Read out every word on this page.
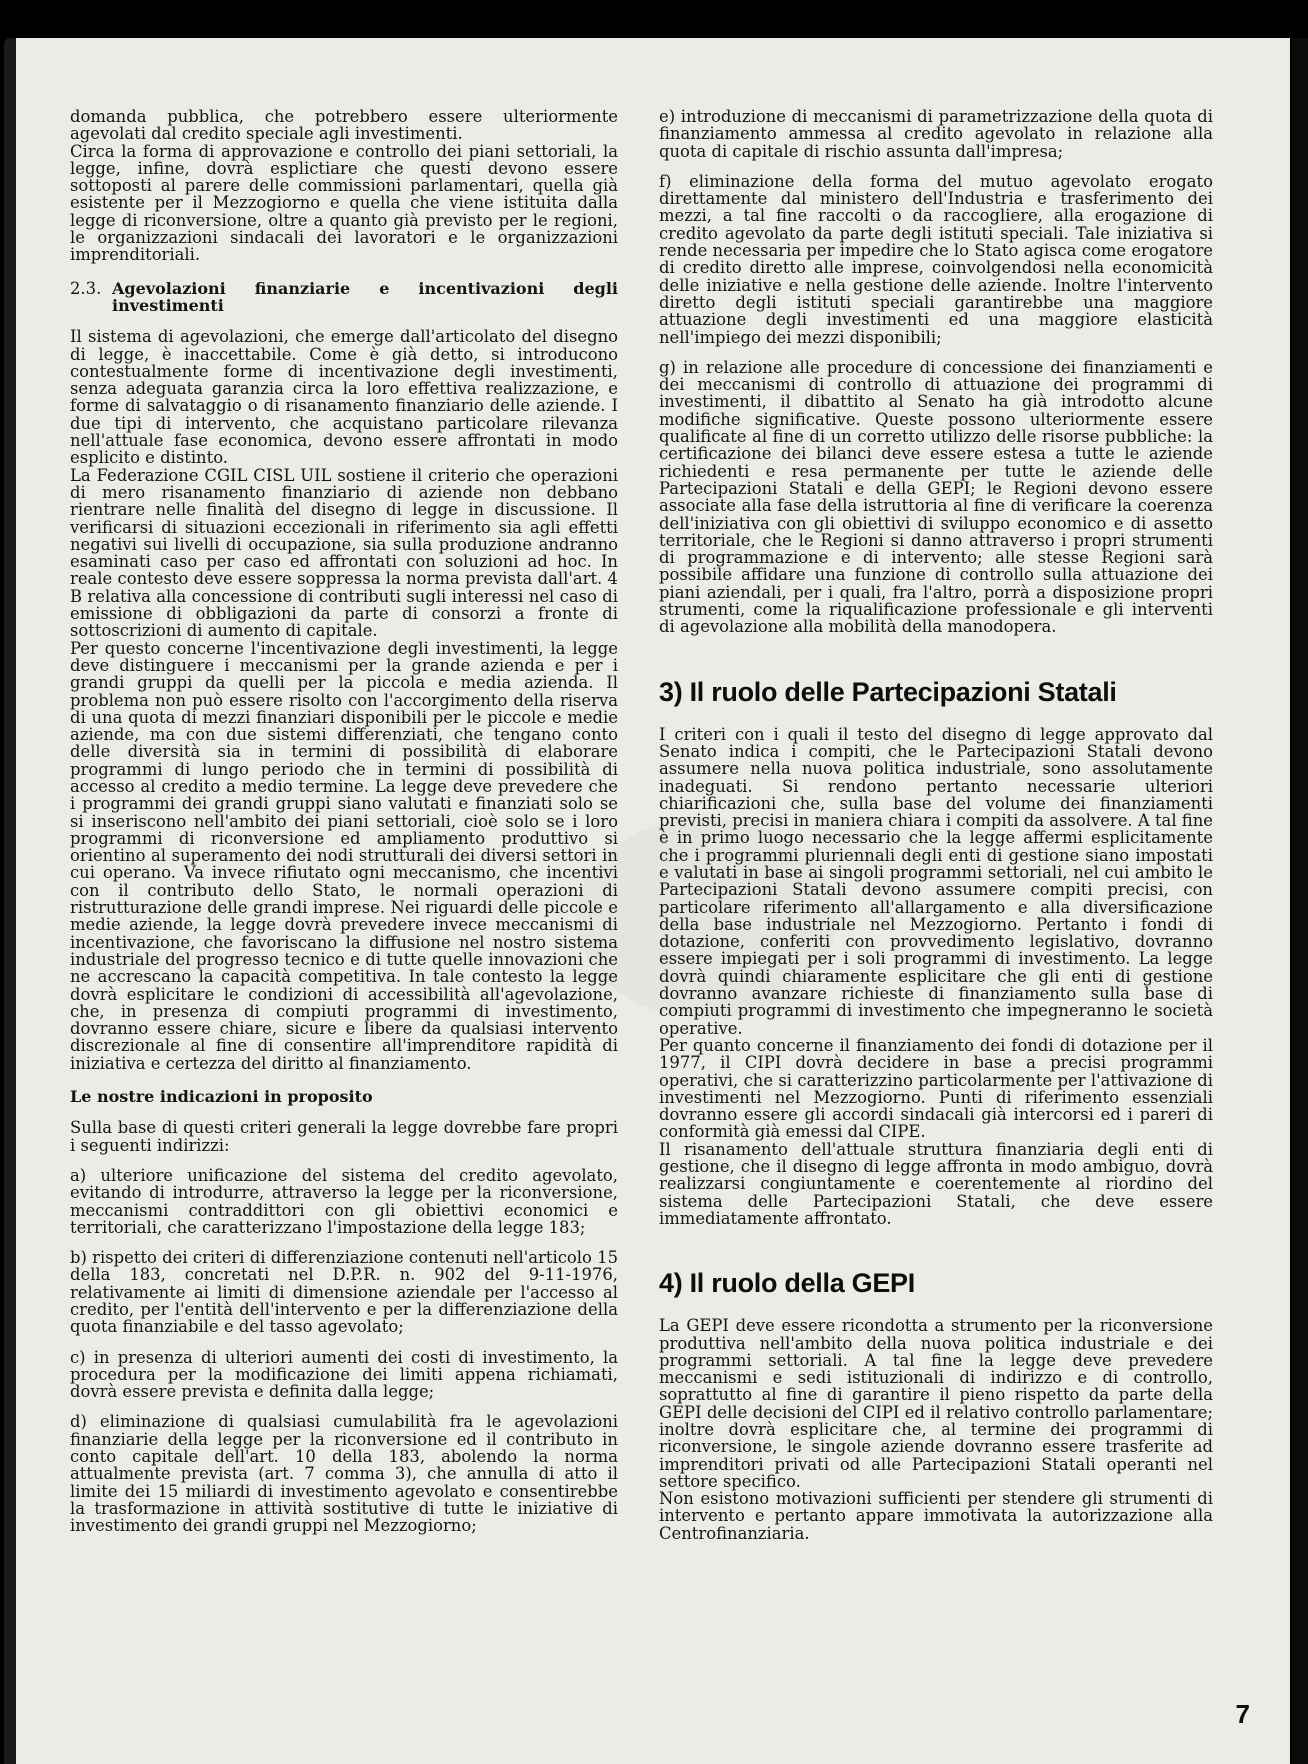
domanda pubblica, che potrebbero essere ulteriormente agevolati dal credito speciale agli investimenti.

Circa la forma di approvazione e controllo dei piani settoriali, la legge, infine, dovrà esplictiare che questi devono essere sottoposti al parere delle commissioni parlamentari, quella già esistente per il Mezzogiorno e quella che viene istituita dalla legge di riconversione, oltre a quanto già previsto per le regioni, le organizzazioni sindacali dei lavoratori e le organizzazioni imprenditoriali.

2.3. Agevolazioni finanziarie e incentivazioni degli investimenti

Il sistema di agevolazioni, che emerge dall'articolato del disegno di legge, è inaccettabile. Come è già detto, si introducono contestualmente forme di incentivazione degli investimenti, senza adeguata garanzia circa la loro effettiva realizzazione, e forme di salvataggio o di risanamento finanziario delle aziende. I due tipi di intervento, che acquistano particolare rilevanza nell'attuale fase economica, devono essere affrontati in modo esplicito e distinto.

La Federazione CGIL CISL UIL sostiene il criterio che operazioni di mero risanamento finanziario di aziende non debbano rientrare nelle finalità del disegno di legge in discussione. Il verificarsi di situazioni eccezionali in riferimento sia agli effetti negativi sui livelli di occupazione, sia sulla produzione andranno esaminati caso per caso ed affrontati con soluzioni ad hoc. In reale contesto deve essere soppressa la norma prevista dall'art. 4 B relativa alla concessione di contributi sugli interessi nel caso di emissione di obbligazioni da parte di consorzi a fronte di sottoscrizioni di aumento di capitale.

Per questo concerne l'incentivazione degli investimenti, la legge deve distinguere i meccanismi per la grande azienda e per i grandi gruppi da quelli per la piccola e media azienda. Il problema non può essere risolto con l'accorgimento della riserva di una quota di mezzi finanziari disponibili per le piccole e medie aziende, ma con due sistemi differenziati, che tengano conto delle diversità sia in termini di possibilità di elaborare programmi di lungo periodo che in termini di possibilità di accesso al credito a medio termine. La legge deve prevedere che i programmi dei grandi gruppi siano valutati e finanziati solo se si inseriscono nell'ambito dei piani settoriali, cioè solo se i loro programmi di riconversione ed ampliamento produttivo si orientino al superamento dei nodi strutturali dei diversi settori in cui operano. Va invece rifiutato ogni meccanismo, che incentivi con il contributo dello Stato, le normali operazioni di ristrutturazione delle grandi imprese. Nei riguardi delle piccole e medie aziende, la legge dovrà prevedere invece meccanismi di incentivazione, che favoriscano la diffusione nel nostro sistema industriale del progresso tecnico e di tutte quelle innovazioni che ne accrescano la capacità competitiva. In tale contesto la legge dovrà esplicitare le condizioni di accessibilità all'agevolazione, che, in presenza di compiuti programmi di investimento, dovranno essere chiare, sicure e libere da qualsiasi intervento discrezionale al fine di consentire all'imprenditore rapidità di iniziativa e certezza del diritto al finanziamento.

Le nostre indicazioni in proposito

Sulla base di questi criteri generali la legge dovrebbe fare propri i seguenti indirizzi:

a) ulteriore unificazione del sistema del credito agevolato, evitando di introdurre, attraverso la legge per la riconversione, meccanismi contraddittori con gli obiettivi economici e territoriali, che caratterizzano l'impostazione della legge 183;

b) rispetto dei criteri di differenziazione contenuti nell'articolo 15 della 183, concretati nel D.P.R. n. 902 del 9-11-1976, relativamente ai limiti di dimensione aziendale per l'accesso al credito, per l'entità dell'intervento e per la differenziazione della quota finanziabile e del tasso agevolato;

c) in presenza di ulteriori aumenti dei costi di investimento, la procedura per la modificazione dei limiti appena richiamati, dovrà essere prevista e definita dalla legge;

d) eliminazione di qualsiasi cumulabilità fra le agevolazioni finanziarie della legge per la riconversione ed il contributo in conto capitale dell'art. 10 della 183, abolendo la norma attualmente prevista (art. 7 comma 3), che annulla di atto il limite dei 15 miliardi di investimento agevolato e consentirebbe la trasformazione in attività sostitutive di tutte le iniziative di investimento dei grandi gruppi nel Mezzogiorno;

e) introduzione di meccanismi di parametrizzazione della quota di finanziamento ammessa al credito agevolato in relazione alla quota di capitale di rischio assunta dall'impresa;

f) eliminazione della forma del mutuo agevolato erogato direttamente dal ministero dell'Industria e trasferimento dei mezzi, a tal fine raccolti o da raccogliere, alla erogazione di credito agevolato da parte degli istituti speciali. Tale iniziativa si rende necessaria per impedire che lo Stato agisca come erogatore di credito diretto alle imprese, coinvolgendosi nella economicità delle iniziative e nella gestione delle aziende. Inoltre l'intervento diretto degli istituti speciali garantirebbe una maggiore attuazione degli investimenti ed una maggiore elasticità nell'impiego dei mezzi disponibili;

g) in relazione alle procedure di concessione dei finanziamenti e dei meccanismi di controllo di attuazione dei programmi di investimenti, il dibattito al Senato ha già introdotto alcune modifiche significative. Queste possono ulteriormente essere qualificate al fine di un corretto utilizzo delle risorse pubbliche: la certificazione dei bilanci deve essere estesa a tutte le aziende richiedenti e resa permanente per tutte le aziende delle Partecipazioni Statali e della GEPI; le Regioni devono essere associate alla fase della istruttoria al fine di verificare la coerenza dell'iniziativa con gli obiettivi di sviluppo economico e di assetto territoriale, che le Regioni si danno attraverso i propri strumenti di programmazione e di intervento; alle stesse Regioni sarà possibile affidare una funzione di controllo sulla attuazione dei piani aziendali, per i quali, fra l'altro, porrà a disposizione propri strumenti, come la riqualificazione professionale e gli interventi di agevolazione alla mobilità della manodopera.

3) Il ruolo delle Partecipazioni Statali

I criteri con i quali il testo del disegno di legge approvato dal Senato indica i compiti, che le Partecipazioni Statali devono assumere nella nuova politica industriale, sono assolutamente inadeguati. Si rendono pertanto necessarie ulteriori chiarificazioni che, sulla base del volume dei finanziamenti previsti, precisi in maniera chiara i compiti da assolvere. A tal fine è in primo luogo necessario che la legge affermi esplicitamente che i programmi pluriennali degli enti di gestione siano impostati e valutati in base ai singoli programmi settoriali, nel cui ambito le Partecipazioni Statali devono assumere compiti precisi, con particolare riferimento all'allargamento e alla diversificazione della base industriale nel Mezzogiorno. Pertanto i fondi di dotazione, conferiti con provvedimento legislativo, dovranno essere impiegati per i soli programmi di investimento. La legge dovrà quindi chiaramente esplicitare che gli enti di gestione dovranno avanzare richieste di finanziamento sulla base di compiuti programmi di investimento che impegneranno le società operative.

Per quanto concerne il finanziamento dei fondi di dotazione per il 1977, il CIPI dovrà decidere in base a precisi programmi operativi, che si caratterizzino particolarmente per l'attivazione di investimenti nel Mezzogiorno. Punti di riferimento essenziali dovranno essere gli accordi sindacali già intercorsi ed i pareri di conformità già emessi dal CIPE.

Il risanamento dell'attuale struttura finanziaria degli enti di gestione, che il disegno di legge affronta in modo ambiguo, dovrà realizzarsi congiuntamente e coerentemente al riordino del sistema delle Partecipazioni Statali, che deve essere immediatamente affrontato.

4) Il ruolo della GEPI

La GEPI deve essere ricondotta a strumento per la riconversione produttiva nell'ambito della nuova politica industriale e dei programmi settoriali. A tal fine la legge deve prevedere meccanismi e sedi istituzionali di indirizzo e di controllo, soprattutto al fine di garantire il pieno rispetto da parte della GEPI delle decisioni del CIPI ed il relativo controllo parlamentare; inoltre dovrà esplicitare che, al termine dei programmi di riconversione, le singole aziende dovranno essere trasferite ad imprenditori privati od alle Partecipazioni Statali operanti nel settore specifico.

Non esistono motivazioni sufficienti per stendere gli strumenti di intervento e pertanto appare immotivata la autorizzazione alla Centrofinanziaria.

7
